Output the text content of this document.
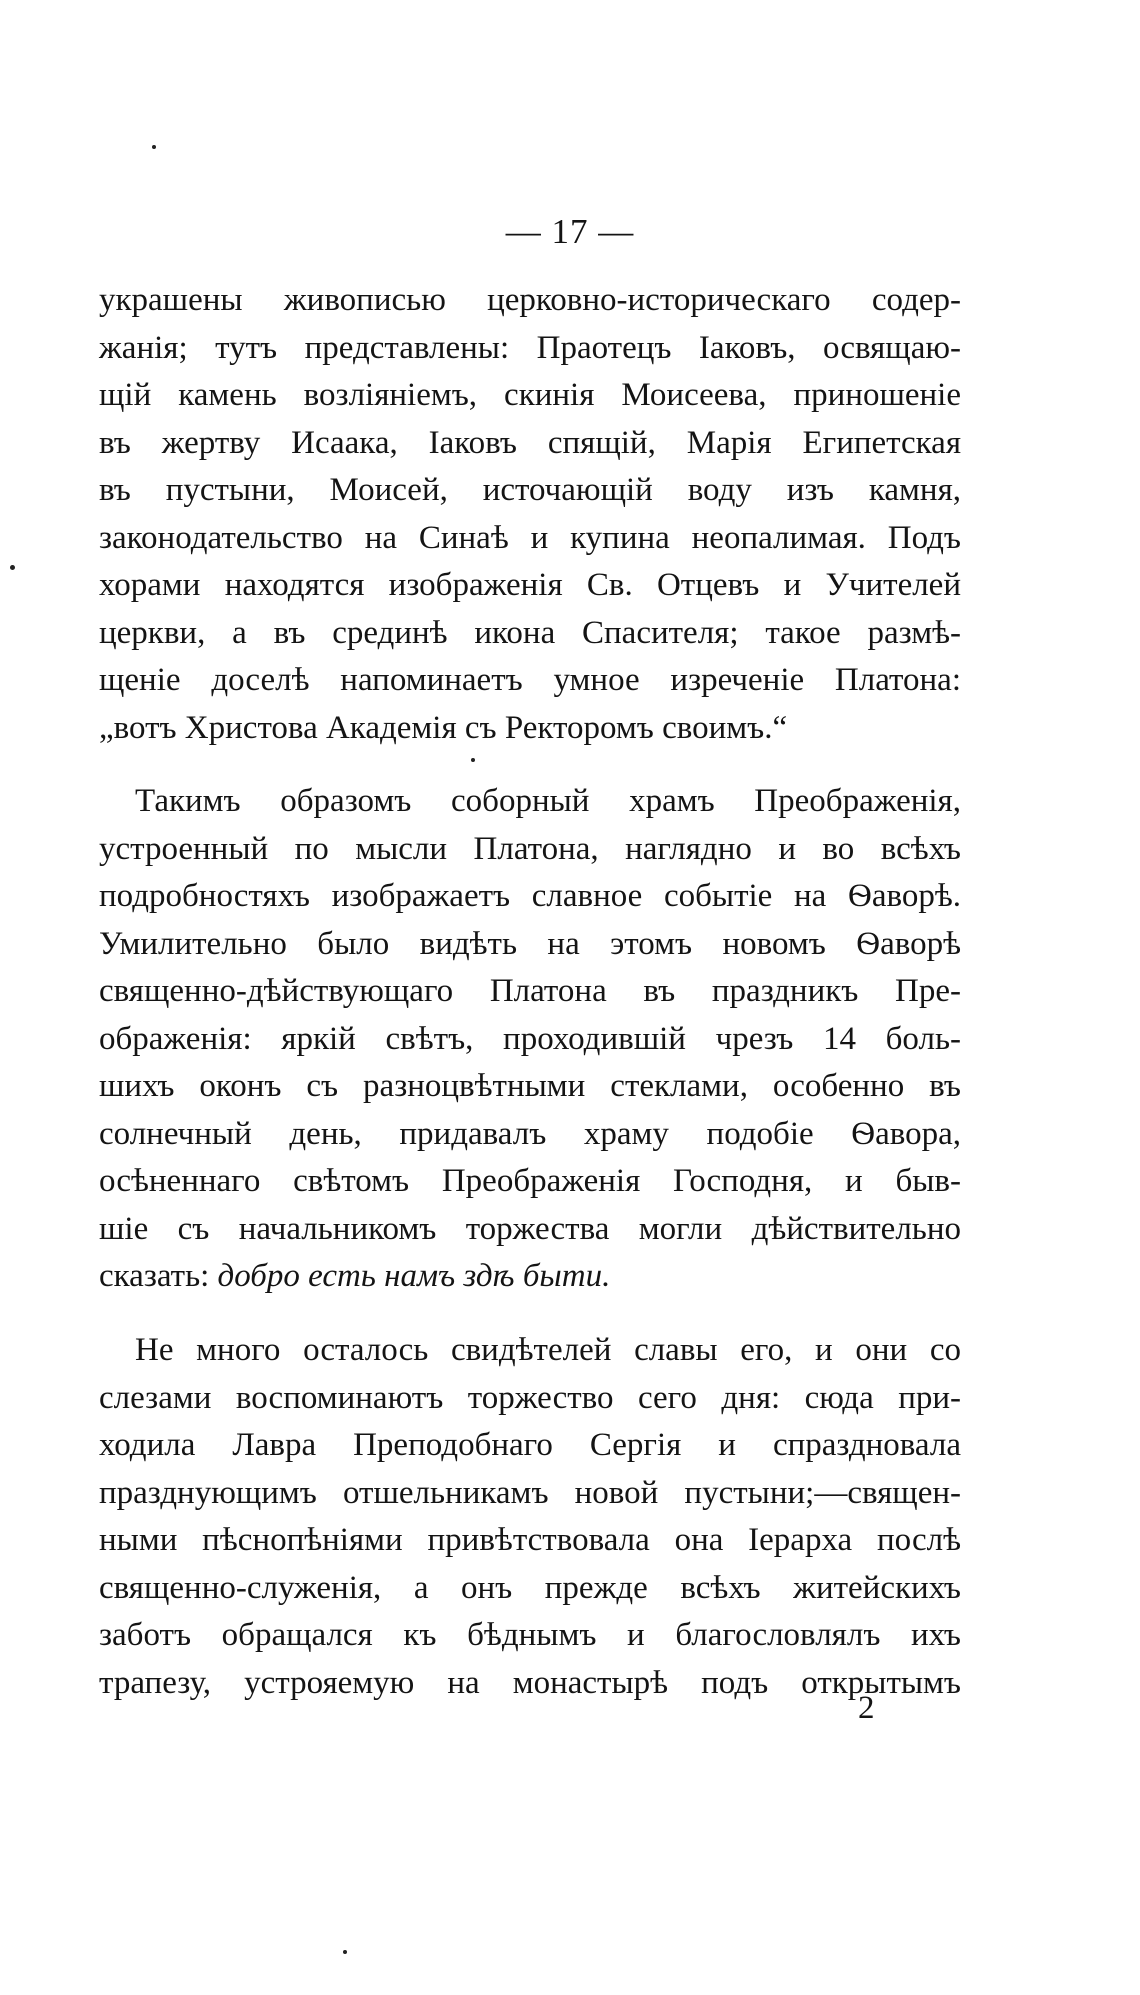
— 17 —
украшены живописью церковно-историческаго содер-
жанія; тутъ представлены: Праотецъ Іаковъ, освящаю-
щій камень возліяніемъ, скинія Моисеева, приношеніе
въ жертву Исаака, Іаковъ спящій, Марія Египетская
въ пустыни, Моисей, источающій воду изъ камня,
законодательство на Синаѣ и купина неопалимая. Подъ
хорами находятся изображенія Св. Отцевъ и Учителей
церкви, а въ срединѣ икона Спасителя; такое размѣ-
щеніе доселѣ напоминаетъ умное изреченіе Платона:
„вотъ Христова Академія съ Ректоромъ своимъ.“
Такимъ образомъ соборный храмъ Преображенія,
устроенный по мысли Платона, наглядно и во всѣхъ
подробностяхъ изображаетъ славное событіе на Ѳаворѣ.
Умилительно было видѣть на этомъ новомъ Ѳаворѣ
священно-дѣйствующаго Платона въ праздникъ Пре-
ображенія: яркій свѣтъ, проходившій чрезъ 14 боль-
шихъ оконъ съ разноцвѣтными стеклами, особенно въ
солнечный день, придавалъ храму подобіе Ѳавора,
осѣненнаго свѣтомъ Преображенія Господня, и быв-
шіе съ начальникомъ торжества могли дѣйствительно
сказать: добро есть намъ здѣ быти.
Не много осталось свидѣтелей славы его, и они со
слезами воспоминаютъ торжество сего дня: сюда при-
ходила Лавра Преподобнаго Сергія и спраздновала
празднующимъ отшельникамъ новой пустыни;—священ-
ными пѣснопѣніями привѣтствовала она Іерарха послѣ
священно-служенія, а онъ прежде всѣхъ житейскихъ
заботъ обращался къ бѣднымъ и благословлялъ ихъ
трапезу, устрояемую на монастырѣ подъ открытымъ
2
